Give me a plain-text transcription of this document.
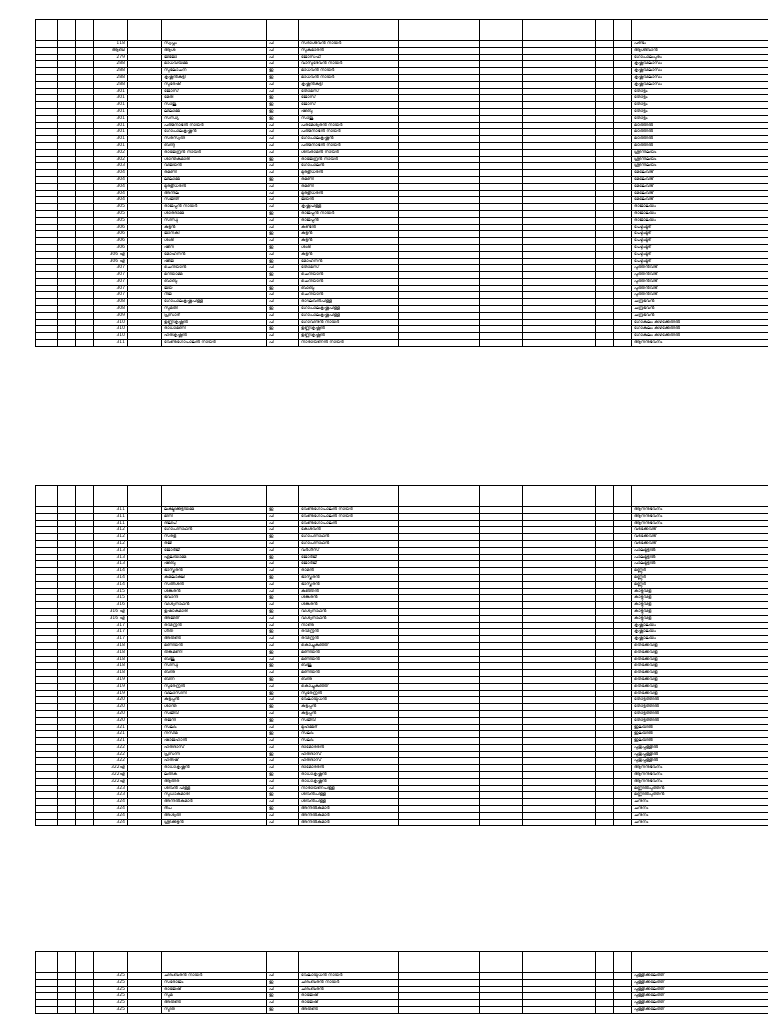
			118		സ്വപ്നം	പി	സദാശിവന്‍ നായര്‍						പണ്ടം
			ആബി		ആശ	പി	സുകുമാരന്‍						ആശ്ബാന്‍
			279		ജിജോ	പി	ജോസഫ്						ഗോപാലപുരം
			288		മാധവിയമ്മ	പി	വാസുദേവന്‍ നായര്‍						കൃഷ്ണവിലാസം
			288		സുലോചന	ഇ	മാധവന്‍ നായര്‍						കൃഷ്ണവിലാസം
			288		കൃഷ്ണന്‍കുട്ടി	ഇ	മാധവന്‍ നായര്‍						കൃഷ്ണവിലാസം
			288		സുരേഷ്	പി	കൃഷ്ണന്‍കുട്ടി						കൃഷ്ണവിലാസം
			301		ജോസ്	പി	തോമസ്						തോട്ടം
			301		മേരി	ഇ	ജോസ്						തോട്ടം
			301		സാജു	ഇ	ജോസ്						തോട്ടം
			301		ലീലാമ്മ	ഇ	ഷിബു						തോട്ടം
			301		സന്ധ്യ	ഇ	സാജു						തോട്ടം
			301		പത്മനാഭന്‍ നായര്‍	പി	പരമേശ്വരന്‍ നായര്‍						മഠത്തില്‍
			301		ഗോപാലകൃഷ്ണന്‍	പി	പത്മനാഭന്‍ നായര്‍						മഠത്തില്‍
			301		സരസ്വതി	പി	ഗോപാലകൃഷ്ണന്‍						മഠത്തില്‍
			301		ബിന്ദു	പി	പത്മനാഭന്‍ നായര്‍						മഠത്തില്‍
			302		രാജേന്ദ്രന്‍ നായര്‍	പി	ശിവരാമന്‍ നായര്‍						ശ്രീനിലയം
			302		ശാന്തകുമാരി	ഇ	രാജേന്ദ്രന്‍ നായര്‍						ശ്രീനിലയം
			303		വിജയന്‍	പി	ഗോപാലന്‍						ശ്രീനിലയം
			304		രമണി	പി	മുരളീധരന്‍						മേലേവീട്
			304		ലീലാമ്മ	ഇ	രമണി						മേലേവീട്
			304		മുരളീധരന്‍	പി	രമണി						മേലേവീട്
			304		അനില	പി	മുരളീധരന്‍						മേലേവീട്
			304		സജിത്	പി	ജയന്‍						മേലേവീട്
			305		രാജപ്പന്‍ നായര്‍	പി	കൃഷ്ണപിള്ള						രാജാലയം
			305		ശാരദാമ്മ	ഇ	രാജപ്പന്‍ നായര്‍						രാജാലയം
			305		സിന്ധു	പി	രാജപ്പന്‍						രാജാലയം
			306		കുട്ടന്‍	പി	കണ്ടന്‍						പേഴുംമൂട്
			306		ജാനകി	ഇ	കുട്ടന്‍						പേഴുംമൂട്
			306		ശശി	പി	കുട്ടന്‍						പേഴുംമൂട്
			306		ഷീന	ഇ	ശശി						പേഴുംമൂട്
			306 എ		മോഹനന്‍	പി	കുട്ടന്‍						പേഴുംമൂട്
			306 എ		ഷീജ	ഇ	മോഹനന്‍						പേഴുംമൂട്
			307		ചെറിയാന്‍	പി	തോമസ്						പുത്തന്‍വീട്
			307		മറിയാമ്മ	ഇ	ചെറിയാന്‍						പുത്തന്‍വീട്
			307		ബാബു	പി	ചെറിയാന്‍						പുത്തന്‍വീട്
			307		ജയ	ഇ	ബാബു						പുത്തന്‍വീട്
			307		റീജ	പി	ചെറിയാന്‍						പുത്തന്‍വീട്
			308		ഗോപാലകൃഷ്ണപിള്ള	പി	രാഘവന്‍പിള്ള						ചന്ദ്രഭവന്‍
			308		സുമതി	ഇ	ഗോപാലകൃഷ്ണപിള്ള						ചന്ദ്രഭവന്‍
			309		പ്രസാദ്	പി	ഗോപാലകൃഷ്ണപിള്ള						ചന്ദ്രഭവന്‍
			310		ഉണ്ണികൃഷ്ണന്‍	പി	ഗോവിന്ദന്‍ നായര്‍						ഗോകുലം കിഴക്കേതില്‍
			310		രാധാമണി	ഇ	ഉണ്ണികൃഷ്ണന്‍						ഗോകുലം കിഴക്കേതില്‍
			310		ഹരികൃഷ്ണന്‍	പി	ഉണ്ണികൃഷ്ണന്‍						ഗോകുലം കിഴക്കേതില്‍
			311		വേണുഗോപാലന്‍ നായര്‍	പി	നാരായണന്‍ നായര്‍						ആനന്ദഭവനം

			311		ലക്ഷ്മിക്കുട്ടിയമ്മ	ഇ	വേണുഗോപാലന്‍ നായര്‍						ആനന്ദഭവനം
			311		മിനി	പി	വേണുഗോപാലന്‍ നായര്‍						ആനന്ദഭവനം
			311		ദിലീപ്	പി	വേണുഗോപാലന്‍						ആനന്ദഭവനം
			312		ഗോപിനാഥന്‍	പി	കേശവന്‍						വടക്കേവീട്
			312		സരള	ഇ	ഗോപിനാഥന്‍						വടക്കേവീട്
			312		രജി	പി	ഗോപിനാഥന്‍						വടക്കേവീട്
			313		ജോര്‍ജ്	പി	വര്‍ഗീസ്						പാലമൂട്ടില്‍
			313		ഏലിയാമ്മ	ഇ	ജോര്‍ജ്						പാലമൂട്ടില്‍
			313		ഷിബു	പി	ജോര്‍ജ്						പാലമൂട്ടില്‍
			314		ഭാസ്കരന്‍	പി	രാമന്‍						മണ്ണൂര്‍
			314		കമലാക്ഷി	ഇ	ഭാസ്കരന്‍						മണ്ണൂര്‍
			314		സതീശന്‍	പി	ഭാസ്കരന്‍						മണ്ണൂര്‍
			315		ശങ്കരന്‍	പി	കുഞ്ഞന്‍						കാട്ടുവിള
			315		ഭവാനി	ഇ	ശങ്കരന്‍						കാട്ടുവിള
			316		വിശ്വനാഥന്‍	പി	ശങ്കരന്‍						കാട്ടുവിള
			316 എ		ഉഷാകുമാരി	ഇ	വിശ്വനാഥന്‍						കാട്ടുവിള
			316 എ		അജിത്	പി	വിശ്വനാഥന്‍						കാട്ടുവിള
			317		രവീന്ദ്രന്‍	പി	നാണു						കൃഷ്ണാലയം
			317		ഗീത	ഇ	രവീന്ദ്രന്‍						കൃഷ്ണാലയം
			317		അരുണ്‍	പി	രവീന്ദ്രന്‍						കൃഷ്ണാലയം
			318		മണിയന്‍	പി	കൊച്ചുകുഞ്ഞ്						തെക്കേവിള
			318		തങ്കമണി	ഇ	മണിയന്‍						തെക്കേവിള
			318		ബിജു	പി	മണിയന്‍						തെക്കേവിള
			318		സിന്ധു	ഇ	ബിജു						തെക്കേവിള
			318		ബിനു	പി	മണിയന്‍						തെക്കേവിള
			319		ബീന	ഇ	ബിനു						തെക്കേവിള
			319		സുരേന്ദ്രന്‍	പി	കൊച്ചുകുഞ്ഞ്						തെക്കേവിള
			319		വിലാസിനി	ഇ	സുരേന്ദ്രന്‍						തെക്കേവിള
			320		കുട്ടപ്പന്‍	പി	വേലായുധന്‍						തോട്ടത്തില്‍
			320		ശാന്ത	ഇ	കുട്ടപ്പന്‍						തോട്ടത്തില്‍
			320		സജീവ്	പി	കുട്ടപ്പന്‍						തോട്ടത്തില്‍
			320		രജനി	ഇ	സജീവ്						തോട്ടത്തില്‍
			321		സലിം	പി	മുഹമ്മദ്						ഇലയില്‍
			321		നസീമ	ഇ	സലിം						ഇലയില്‍
			321		ഷാജഹാന്‍	പി	സലിം						ഇലയില്‍
			322		ഹരിദാസ്	പി	ദാമോദരന്‍						പുതുപ്പള്ളില്‍
			322		പ്രസന്ന	ഇ	ഹരിദാസ്						പുതുപ്പള്ളില്‍
			322		ഹരീഷ്	പി	ഹരിദാസ്						പുതുപ്പള്ളില്‍
			322എ		രാധാകൃഷ്ണന്‍	പി	ദാമോദരന്‍						ആനന്ദഭവനം
			322എ		ലതിക	ഇ	രാധാകൃഷ്ണന്‍						ആനന്ദഭവനം
			322എ		ആതിര	പി	രാധാകൃഷ്ണന്‍						ആനന്ദഭവനം
			323		ശിവന്‍ പിള്ള	പി	നാരായണപിള്ള						മണ്ണില്‍പുത്തന്‍
			323		സുധാകുമാരി	ഇ	ശിവന്‍പിള്ള						മണ്ണില്‍പുത്തന്‍
			324		അനില്‍കുമാര്‍	പി	ശിവന്‍പിള്ള						ചന്ദനം
			324		ദീപ	ഇ	അനില്‍കുമാര്‍						ചന്ദനം
			324		അശ്വതി	പി	അനില്‍കുമാര്‍						ചന്ദനം
			324		ശ്രീക്കുട്ടന്‍	പി	അനില്‍കുമാര്‍						ചന്ദനം

			325		ചിദംബരന്‍ നായര്‍	പി	വേലായുധന്‍ നായര്‍						പുള്ളിക്കലേത്ത്
			325		സരോജം	ഇ	ചിദംബരന്‍ നായര്‍						പുള്ളിക്കലേത്ത്
			325		രാജേഷ്	പി	ചിദംബരന്‍						പുള്ളിക്കലേത്ത്
			325		സുമ	ഇ	രാജേഷ്						പുള്ളിക്കലേത്ത്
			325		അരുണ്‍	പി	രാജേഷ്						പുള്ളിക്കലേത്ത്
			325		സ്മിത	ഇ	അരുണ്‍						പുള്ളിക്കലേത്ത്
